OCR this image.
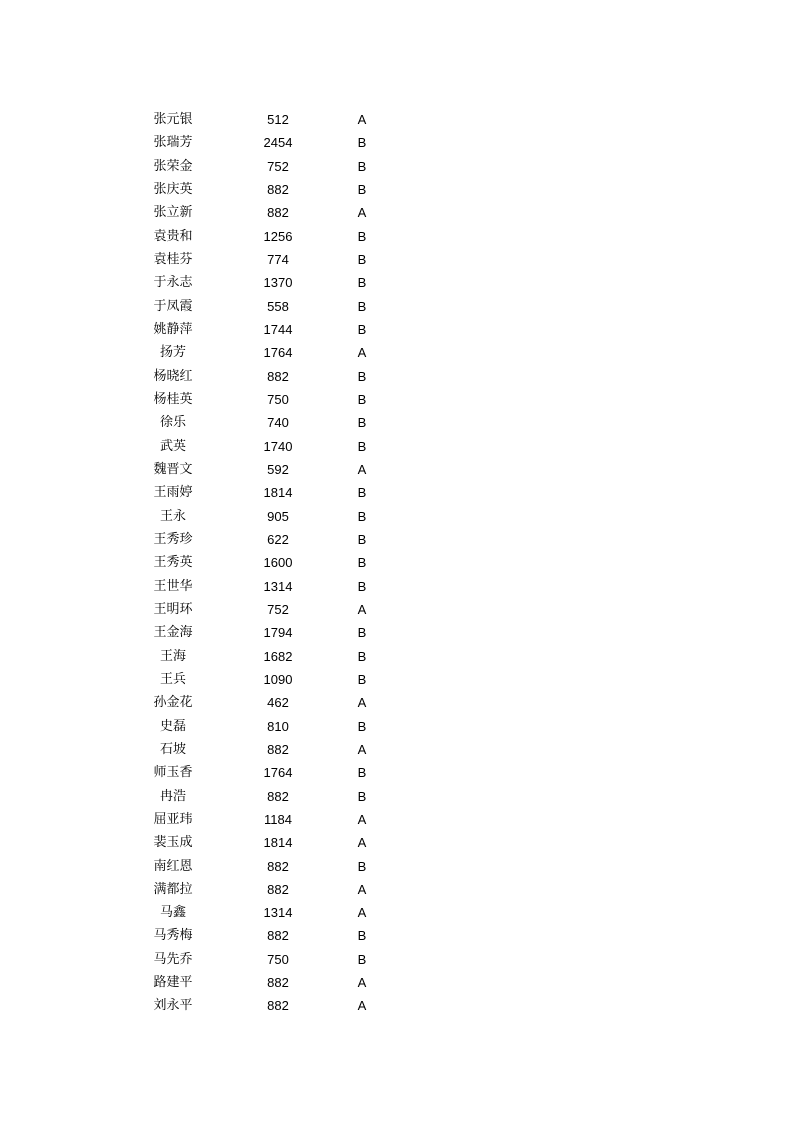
张元银	512	A
张瑞芳	2454	B
张荣金	752	B
张庆英	882	B
张立新	882	A
袁贵和	1256	B
袁桂芬	774	B
于永志	1370	B
于凤霞	558	B
姚静萍	1744	B
扬芳	1764	A
杨晓红	882	B
杨桂英	750	B
徐乐	740	B
武英	1740	B
魏晋文	592	A
王雨婷	1814	B
王永	905	B
王秀珍	622	B
王秀英	1600	B
王世华	1314	B
王明环	752	A
王金海	1794	B
王海	1682	B
王兵	1090	B
孙金花	462	A
史磊	810	B
石坡	882	A
师玉香	1764	B
冉浩	882	B
屈亚玮	1184	A
裴玉成	1814	A
南红恩	882	B
满都拉	882	A
马鑫	1314	A
马秀梅	882	B
马先乔	750	B
路建平	882	A
刘永平	882	A
